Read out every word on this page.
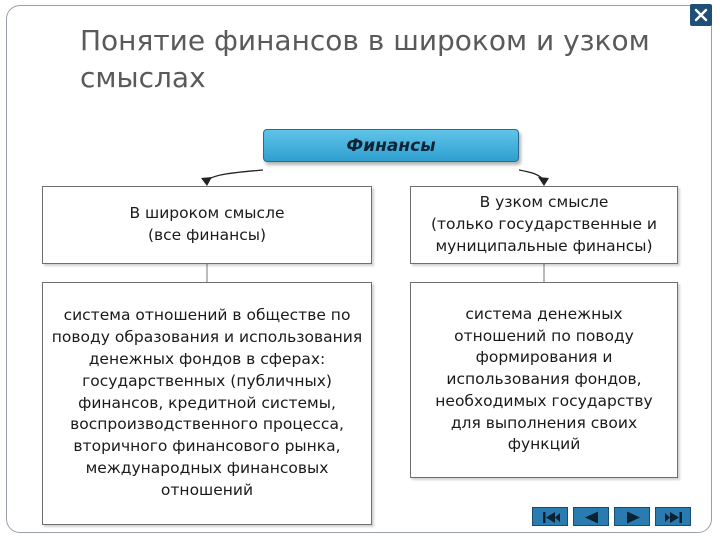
Понятие финансов в широком и узком смыслах
Финансы
В широком смысле
(все финансы)
В узком смысле
(только государственные и муниципальные финансы)
система отношений в обществе по поводу образования и использования денежных фондов в сферах: государственных (публичных) финансов, кредитной системы, воспроизводственного процесса, вторичного финансового рынка, международных финансовых отношений
система денежных отношений по поводу формирования и использования фондов, необходимых государству для выполнения своих функций
